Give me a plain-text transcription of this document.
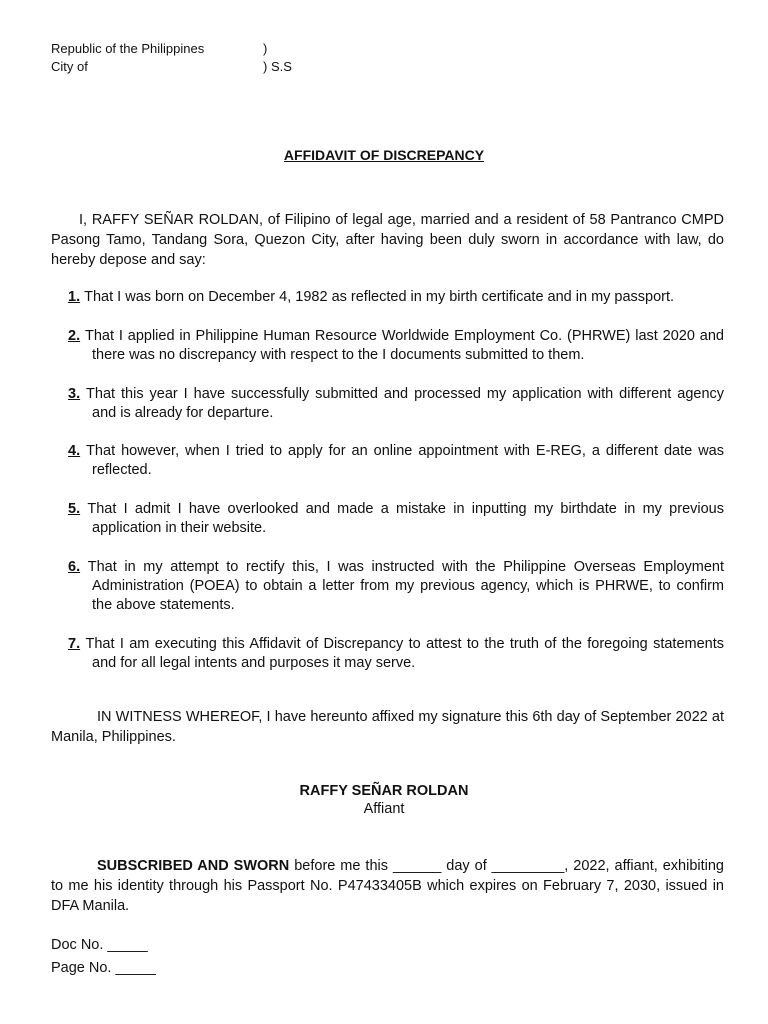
Republic of the Philippines	)
City of	) S.S
AFFIDAVIT OF DISCREPANCY
I, RAFFY SEÑAR ROLDAN, of Filipino of legal age, married and a resident of 58 Pantranco CMPD Pasong Tamo, Tandang Sora, Quezon City, after having been duly sworn in accordance with law, do hereby depose and say:
1. That I was born on December 4, 1982 as reflected in my birth certificate and in my passport.
2. That I applied in Philippine Human Resource Worldwide Employment Co. (PHRWE) last 2020 and there was no discrepancy with respect to the I documents submitted to them.
3. That this year I have successfully submitted and processed my application with different agency and is already for departure.
4. That however, when I tried to apply for an online appointment with E-REG, a different date was reflected.
5. That I admit I have overlooked and made a mistake in inputting my birthdate in my previous application in their website.
6. That in my attempt to rectify this, I was instructed with the Philippine Overseas Employment Administration (POEA) to obtain a letter from my previous agency, which is PHRWE, to confirm the above statements.
7. That I am executing this Affidavit of Discrepancy to attest to the truth of the foregoing statements and for all legal intents and purposes it may serve.
IN WITNESS WHEREOF, I have hereunto affixed my signature this 6th day of September 2022 at Manila, Philippines.
RAFFY SEÑAR ROLDAN
Affiant
SUBSCRIBED AND SWORN before me this ______ day of _________, 2022, affiant, exhibiting to me his identity through his Passport No. P47433405B which expires on February 7, 2030, issued in DFA Manila.
Doc No. _____
Page No. _____
